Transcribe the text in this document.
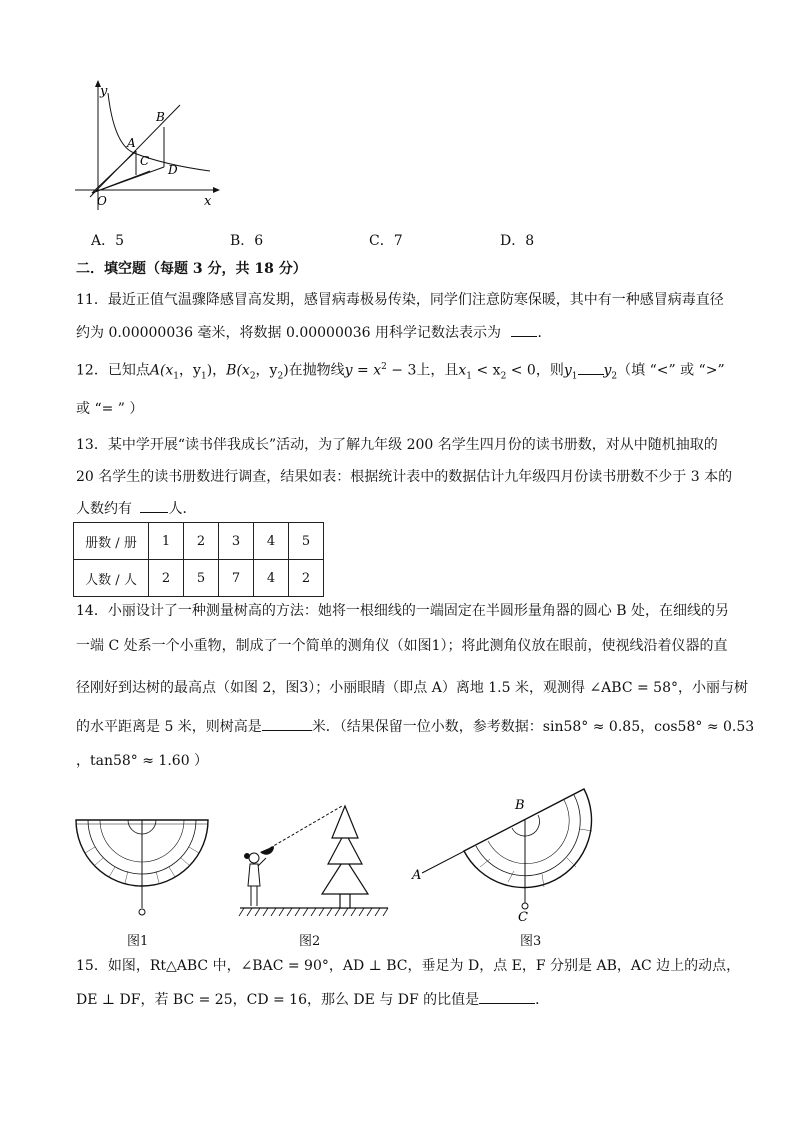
y
B
A
C
D
O	x
A．5	B．6	C．7	D．8
二．填空题（每题 3 分，共 18 分）
11．最近正值气温骤降感冒高发期，感冒病毒极易传染，同学们注意防寒保暖，其中有一种感冒病毒直径
约为 0.00000036 毫米，将数据 0.00000036 用科学记数法表示为	．
12．已知点$A(x_1$，$y_1$)，$B(x_2$，$y_2$)在抛物线$y = x^2 - 3$上，且$x_1 < x_2 < 0$，则$y_1$ $y_2$（填 “<” 或 “>”
或 “= ” ）
13．某中学开展“读书伴我成长”活动，为了解九年级 200 名学生四月份的读书册数，对从中随机抽取的
20 名学生的读书册数进行调查，结果如表：根据统计表中的数据估计九年级四月份读书册数不少于 3 本的
人数约有	人．
册数 / 册	1	2	3	4	5
人数 / 人	2	5	7	4	2
14．小丽设计了一种测量树高的方法：她将一根细线的一端固定在半圆形量角器的圆心 B 处，在细线的另
一端 C 处系一个小重物，制成了一个简单的测角仪（如图1）；将此测角仪放在眼前，使视线沿着仪器的直
径刚好到达树的最高点（如图 2，图3）；小丽眼睛（即点 A）离地 1.5 米，观测得 ∠ABC = 58°，小丽与树
的水平距离是 5 米，则树高是	米．（结果保留一位小数，参考数据：sin58° ≈ 0.85，cos58° ≈ 0.53
，tan58° ≈ 1.60 ）
A
B
C
图1	图2	图3
15．如图，Rt△ABC 中，∠BAC = 90°，AD ⊥ BC，垂足为 D，点 E，F 分别是 AB，AC 边上的动点，
DE ⊥ DF，若 BC = 25，CD = 16，那么 DE 与 DF 的比值是	．
